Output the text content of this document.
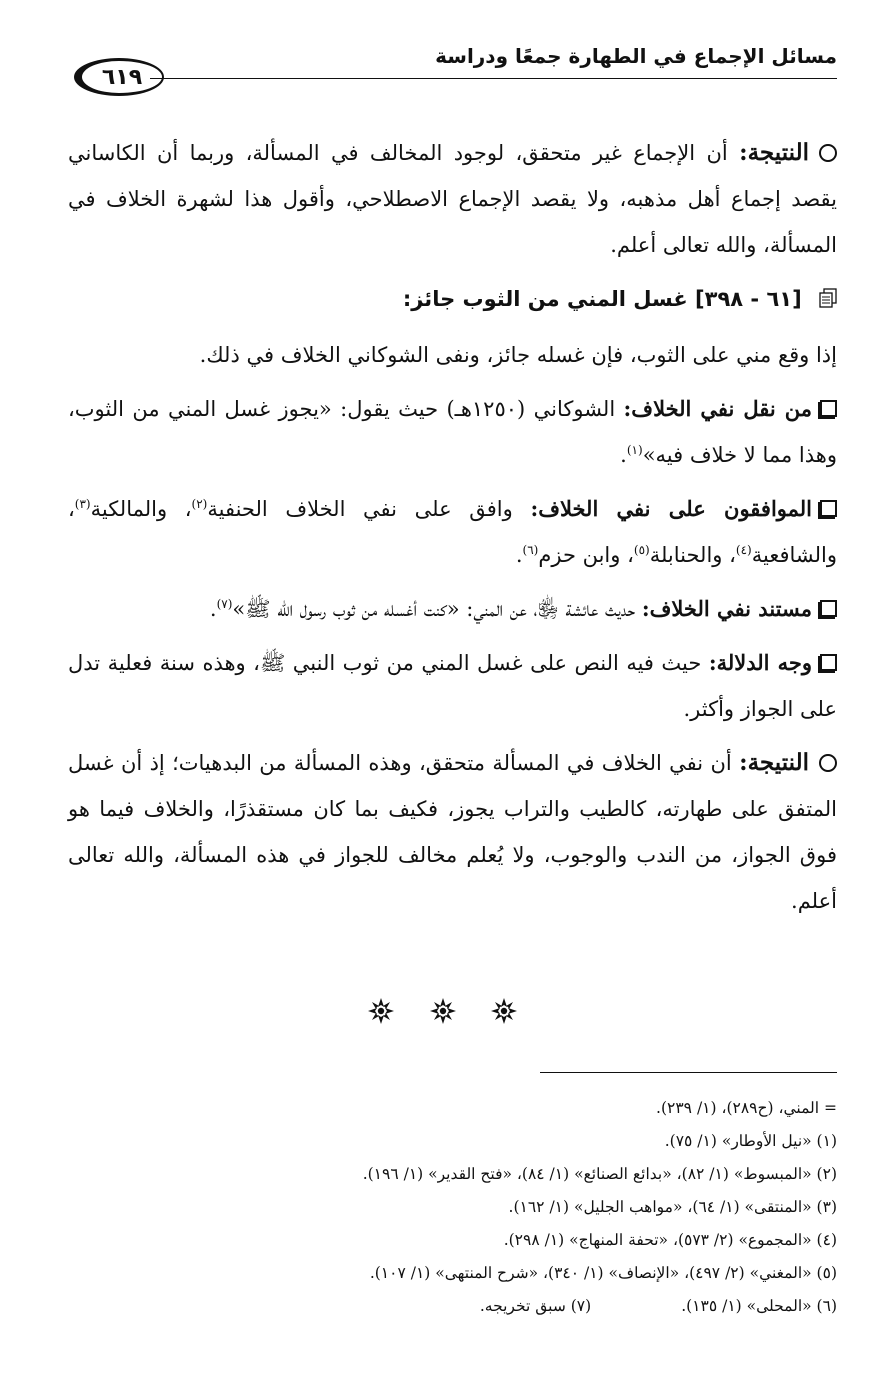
مسائل الإجماع في الطهارة جمعًا ودراسة
٦١٩

النتيجة: أن الإجماع غير متحقق، لوجود المخالف في المسألة، وربما أن الكاساني يقصد إجماع أهل مذهبه، ولا يقصد الإجماع الاصطلاحي، وأقول هذا لشهرة الخلاف في المسألة، والله تعالى أعلم.

[٦١ - ٣٩٨] غسل المني من الثوب جائز:

إذا وقع مني على الثوب، فإن غسله جائز، ونفى الشوكاني الخلاف في ذلك.

من نقل نفي الخلاف: الشوكاني (١٢٥٠هـ) حيث يقول: «يجوز غسل المني من الثوب، وهذا مما لا خلاف فيه»$^{(١)}$.

الموافقون على نفي الخلاف: وافق على نفي الخلاف الحنفية$^{(٢)}$، والمالكية$^{(٣)}$، والشافعية$^{(٤)}$، والحنابلة$^{(٥)}$، وابن حزم$^{(٦)}$.

مستند نفي الخلاف: حديث عائشة ﵂، عن المني: «كنت أغسله من ثوب رسول الله ﷺ»$^{(٧)}$.

وجه الدلالة: حيث فيه النص على غسل المني من ثوب النبي ﷺ، وهذه سنة فعلية تدل على الجواز وأكثر.

النتيجة: أن نفي الخلاف في المسألة متحقق، وهذه المسألة من البدهيات؛ إذ أن غسل المتفق على طهارته، كالطيب والتراب يجوز، فكيف بما كان مستقذرًا، والخلاف فيما هو فوق الجواز، من الندب والوجوب، ولا يُعلم مخالف للجواز في هذه المسألة، والله تعالى أعلم.

= المني، (ح٢٨٩)، (١/ ٢٣٩).
(١) «نيل الأوطار» (١/ ٧٥).
(٢) «المبسوط» (١/ ٨٢)، «بدائع الصنائع» (١/ ٨٤)، «فتح القدير» (١/ ١٩٦).
(٣) «المنتقى» (١/ ٦٤)، «مواهب الجليل» (١/ ١٦٢).
(٤) «المجموع» (٢/ ٥٧٣)، «تحفة المنهاج» (١/ ٢٩٨).
(٥) «المغني» (٢/ ٤٩٧)، «الإنصاف» (١/ ٣٤٠)، «شرح المنتهى» (١/ ١٠٧).
(٦) «المحلى» (١/ ١٣٥).
(٧) سبق تخريجه.
